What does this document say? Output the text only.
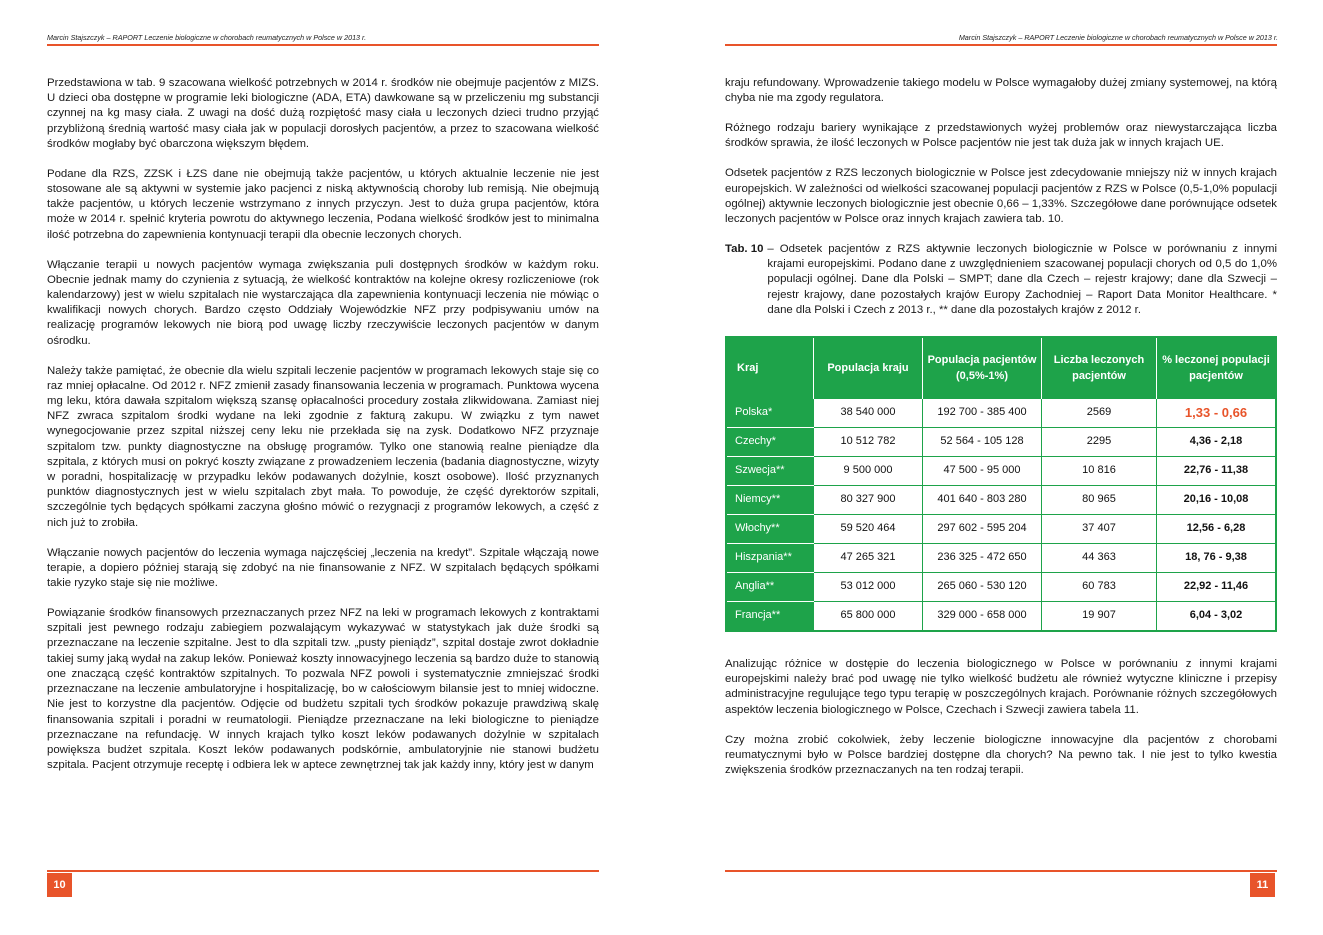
Marcin Stajszczyk – RAPORT Leczenie biologiczne w chorobach reumatycznych w Polsce w 2013 r.

Przedstawiona w tab. 9 szacowana wielkość potrzebnych w 2014 r. środków nie obejmuje pacjentów z MIZS. U dzieci oba dostępne w programie leki biologiczne (ADA, ETA) dawkowane są w przeliczeniu mg substancji czynnej na kg masy ciała. Z uwagi na dość dużą rozpiętość masy ciała u leczonych dzieci trudno przyjąć przybliżoną średnią wartość masy ciała jak w populacji dorosłych pacjentów, a przez to szacowana wielkość środków mogłaby być obarczona większym błędem.

Podane dla RZS, ZZSK i ŁZS dane nie obejmują także pacjentów, u których aktualnie leczenie nie jest stosowane ale są aktywni w systemie jako pacjenci z niską aktywnością choroby lub remisją. Nie obejmują także pacjentów, u których leczenie wstrzymano z innych przyczyn. Jest to duża grupa pacjentów, która może w 2014 r. spełnić kryteria powrotu do aktywnego leczenia, Podana wielkość środków jest to minimalna ilość potrzebna do zapewnienia kontynuacji terapii dla obecnie leczonych chorych.

Włączanie terapii u nowych pacjentów wymaga zwiększania puli dostępnych środków w każdym roku. Obecnie jednak mamy do czynienia z sytuacją, że wielkość kontraktów na kolejne okresy rozliczeniowe (rok kalendarzowy) jest w wielu szpitalach nie wystarczająca dla zapewnienia kontynuacji leczenia nie mówiąc o kwalifikacji nowych chorych. Bardzo często Oddziały Wojewódzkie NFZ przy podpisywaniu umów na realizację programów lekowych nie biorą pod uwagę liczby rzeczywiście leczonych pacjentów w danym ośrodku.

Należy także pamiętać, że obecnie dla wielu szpitali leczenie pacjentów w programach lekowych staje się co raz mniej opłacalne. Od 2012 r. NFZ zmienił zasady finansowania leczenia w programach. Punktowa wycena mg leku, która dawała szpitalom większą szansę opłacalności procedury została zlikwidowana. Zamiast niej NFZ zwraca szpitalom środki wydane na leki zgodnie z fakturą zakupu. W związku z tym nawet wynegocjowanie przez szpital niższej ceny leku nie przekłada się na zysk. Dodatkowo NFZ przyznaje szpitalom tzw. punkty diagnostyczne na obsługę programów. Tylko one stanowią realne pieniądze dla szpitala, z których musi on pokryć koszty związane z prowadzeniem leczenia (badania diagnostyczne, wizyty w poradni, hospitalizację w przypadku leków podawanych dożylnie, koszt osobowe). Ilość przyznanych punktów diagnostycznych jest w wielu szpitalach zbyt mała. To powoduje, że część dyrektorów szpitali, szczególnie tych będących spółkami zaczyna głośno mówić o rezygnacji z programów lekowych, a część z nich już to zrobiła.

Włączanie nowych pacjentów do leczenia wymaga najczęściej „leczenia na kredyt”. Szpitale włączają nowe terapie, a dopiero później starają się zdobyć na nie finansowanie z NFZ. W szpitalach będących spółkami takie ryzyko staje się nie możliwe.

Powiązanie środków finansowych przeznaczanych przez NFZ na leki w programach lekowych z kontraktami szpitali jest pewnego rodzaju zabiegiem pozwalającym wykazywać w statystykach jak duże środki są przeznaczane na leczenie szpitalne. Jest to dla szpitali tzw. „pusty pieniądz”, szpital dostaje zwrot dokładnie takiej sumy jaką wydał na zakup leków. Ponieważ koszty innowacyjnego leczenia są bardzo duże to stanowią one znaczącą część kontraktów szpitalnych. To pozwala NFZ powoli i systematycznie zmniejszać środki przeznaczane na leczenie ambulatoryjne i hospitalizację, bo w całościowym bilansie jest to mniej widoczne. Nie jest to korzystne dla pacjentów. Odjęcie od budżetu szpitali tych środków pokazuje prawdziwą skalę finansowania szpitali i poradni w reumatologii. Pieniądze przeznaczane na leki biologiczne to pieniądze przeznaczane na refundację. W innych krajach tylko koszt leków podawanych dożylnie w szpitalach powiększa budżet szpitala. Koszt leków podawanych podskórnie, ambulatoryjnie nie stanowi budżetu szpitala. Pacjent otrzymuje receptę i odbiera lek w aptece zewnętrznej tak jak każdy inny, który jest w danym

10
Marcin Stajszczyk – RAPORT Leczenie biologiczne w chorobach reumatycznych w Polsce w 2013 r.

kraju refundowany. Wprowadzenie takiego modelu w Polsce wymagałoby dużej zmiany systemowej, na którą chyba nie ma zgody regulatora.

Różnego rodzaju bariery wynikające z przedstawionych wyżej problemów oraz niewystarczająca liczba środków sprawia, że ilość leczonych w Polsce pacjentów nie jest tak duża jak w innych krajach UE.

Odsetek pacjentów z RZS leczonych biologicznie w Polsce jest zdecydowanie mniejszy niż w innych krajach europejskich. W zależności od wielkości szacowanej populacji pacjentów z RZS w Polsce (0,5-1,0% populacji ogólnej) aktywnie leczonych biologicznie jest obecnie 0,66 – 1,33%. Szczegółowe dane porównujące odsetek leczonych pacjentów w Polsce oraz innych krajach zawiera tab. 10.

Tab. 10 – Odsetek pacjentów z RZS aktywnie leczonych biologicznie w Polsce w porównaniu z innymi krajami europejskimi. Podano dane z uwzględnieniem szacowanej populacji chorych od 0,5 do 1,0% populacji ogólnej. Dane dla Polski – SMPT; dane dla Czech – rejestr krajowy; dane dla Szwecji – rejestr krajowy, dane pozostałych krajów Europy Zachodniej – Raport Data Monitor Healthcare. * dane dla Polski i Czech z 2013 r., ** dane dla pozostałych krajów z 2012 r.
Kraj	Populacja kraju	Populacja pacjentów (0,5%-1%)	Liczba leczonych pacjentów	% leczonej populacji pacjentów
Polska*	38 540 000	192 700 - 385 400	2569	1,33 - 0,66
Czechy*	10 512 782	52 564 - 105 128	2295	4,36 - 2,18
Szwecja**	9 500 000	47 500 - 95 000	10 816	22,76 - 11,38
Niemcy**	80 327 900	401 640 - 803 280	80 965	20,16 - 10,08
Włochy**	59 520 464	297 602 - 595 204	37 407	12,56 - 6,28
Hiszpania**	47 265 321	236 325 - 472 650	44 363	18, 76 - 9,38
Anglia**	53 012 000	265 060 - 530 120	60 783	22,92 - 11,46
Francja**	65 800 000	329 000 - 658 000	19 907	6,04 - 3,02

Analizując różnice w dostępie do leczenia biologicznego w Polsce w porównaniu z innymi krajami europejskimi należy brać pod uwagę nie tylko wielkość budżetu ale również wytyczne kliniczne i przepisy administracyjne regulujące tego typu terapię w poszczególnych krajach. Porównanie różnych szczegółowych aspektów leczenia biologicznego w Polsce, Czechach i Szwecji zawiera tabela 11.

Czy można zrobić cokolwiek, żeby leczenie biologiczne innowacyjne dla pacjentów z chorobami reumatycznymi było w Polsce bardziej dostępne dla chorych? Na pewno tak. I nie jest to tylko kwestia zwiększenia środków przeznaczanych na ten rodzaj terapii.

11
